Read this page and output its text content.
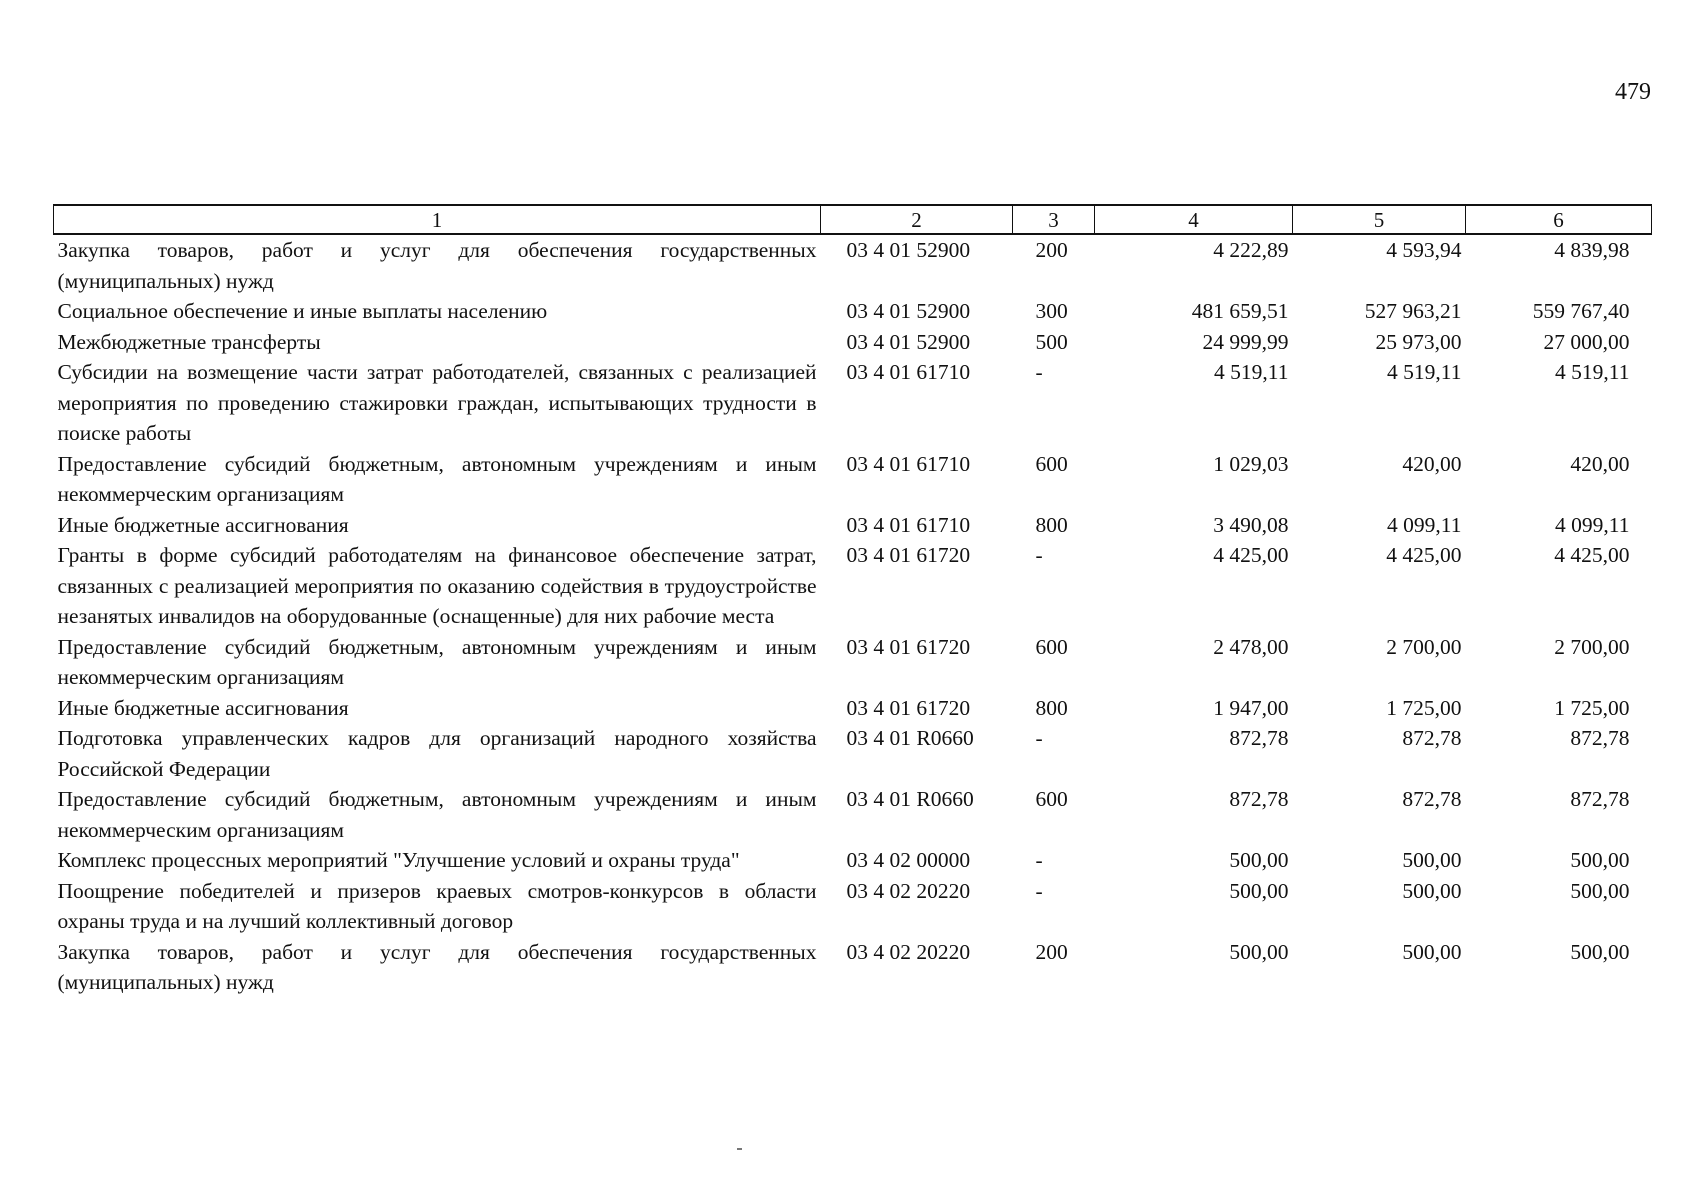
479
1	2	3	4	5	6
Закупка товаров, работ и услуг для обеспечения государственных (муниципальных) нужд	03 4 01 52900	200	4 222,89	4 593,94	4 839,98
Социальное обеспечение и иные выплаты населению	03 4 01 52900	300	481 659,51	527 963,21	559 767,40
Межбюджетные трансферты	03 4 01 52900	500	24 999,99	25 973,00	27 000,00
Субсидии на возмещение части затрат работодателей, связанных с реализацией мероприятия по проведению стажировки граждан, испытывающих трудности в поиске работы	03 4 01 61710	-	4 519,11	4 519,11	4 519,11
Предоставление субсидий бюджетным, автономным учреждениям и иным некоммерческим организациям	03 4 01 61710	600	1 029,03	420,00	420,00
Иные бюджетные ассигнования	03 4 01 61710	800	3 490,08	4 099,11	4 099,11
Гранты в форме субсидий работодателям на финансовое обеспечение затрат, связанных с реализацией мероприятия по оказанию содействия в трудоустройстве незанятых инвалидов на оборудованные (оснащенные) для них рабочие места	03 4 01 61720	-	4 425,00	4 425,00	4 425,00
Предоставление субсидий бюджетным, автономным учреждениям и иным некоммерческим организациям	03 4 01 61720	600	2 478,00	2 700,00	2 700,00
Иные бюджетные ассигнования	03 4 01 61720	800	1 947,00	1 725,00	1 725,00
Подготовка управленческих кадров для организаций народного хозяйства Российской Федерации	03 4 01 R0660	-	872,78	872,78	872,78
Предоставление субсидий бюджетным, автономным учреждениям и иным некоммерческим организациям	03 4 01 R0660	600	872,78	872,78	872,78
Комплекс процессных мероприятий "Улучшение условий и охраны труда"	03 4 02 00000	-	500,00	500,00	500,00
Поощрение победителей и призеров краевых смотров-конкурсов в области охраны труда и на лучший коллективный договор	03 4 02 20220	-	500,00	500,00	500,00
Закупка товаров, работ и услуг для обеспечения государственных (муниципальных) нужд	03 4 02 20220	200	500,00	500,00	500,00
